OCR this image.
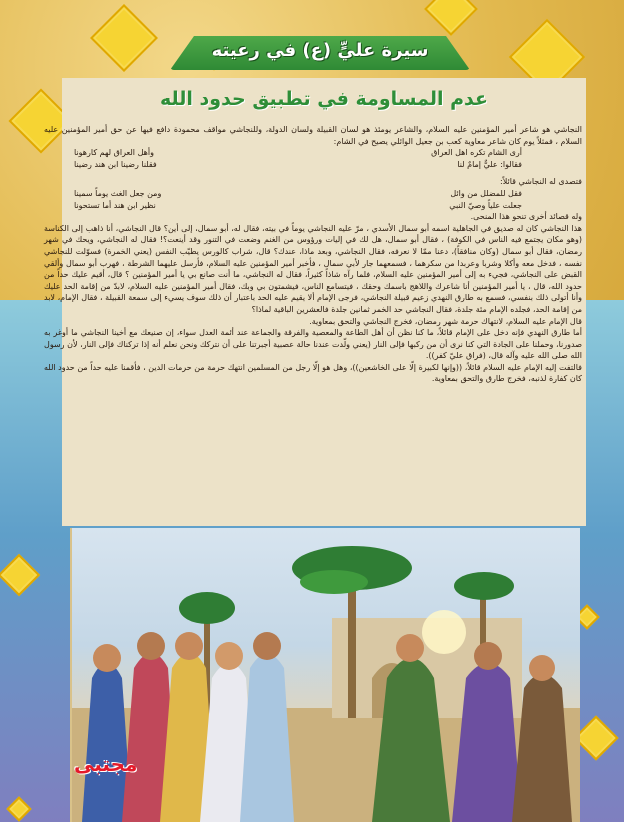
سيرة عليٍّ (ع) في رعيته
عدم المساومة في تطبيق حدود الله

النجاشي هو شاعر أمير المؤمنين عليه السلام، والشاعر يومئذ هو لسان القبيلة ولسان الدولة، وللنجاشي مواقف محمودة دافع فيها عن حق أمير المؤمنين عليه السلام ، فمثلاً يوم كان شاعر معاوية كعب بن جعيل الوائلي يصيح في الشام:

أرى الشام تكره اهل العراق
وأهل العراق لهم كارهونا
فقالوا: عليٌّ إمامٌ لنا
فقلنا رضينا ابن هند رضينا

فتصدى له النجاشي قائلاً:

فقل للمضلل من وائل
ومن جعل الغث يوماً سمينا
جعلت علياً وصيّ النبي
نظير ابن هند أما تستحونا

وله قصائد أخرى تنحو هذا المنحى.

هذا النجاشي كان له صديق في الجاهلية اسمه أبو سمال الأسدي ، مرّ عليه النجاشي يوماً في بيته، فقال له، أبو سمال، إلى أين؟ قال النجاشي، أنا ذاهب إلى الكناسة (وهو مكان يجتمع فيه الناس في الكوفة) ، فقال أبو سمال، هل لك في إليات ورؤوس من الغنم وضعت في التنور وقد أينعت؟! فقال له النجاشي، ويحك في شهر رمضان، فقال أبو سمال (وكان منافقاً)، دعنا ممّا لا نعرفه، فقال النجاشي، وبعد ماذا، عندك؟ قال، شراب كالورس يطيّب النفس (يعني الخمرة) فسوّلت للنجاشي نفسه ، فدخل معه وأكلا وشربا وعربدا من سكرهما ، فسمعهما جار لأبي سمال ، فأخبر أمير المؤمنين عليه السلام، فأرسل عليهما الشرطة ، فهرب أبو سمال وألقي القبض على النجاشي، فجيء به إلى أمير المؤمنين عليه السلام، فلما رآه شاذاً كثيراً، فقال له النجاشي، ما أنت صانع بي يا أمير المؤمنين ؟ قال، أقيم عليك حداً من حدود الله، قال ، يا أمير المؤمنين أنا شاعرك واللاهج باسمك وحقك ، فيتسامع الناس، فيشمتون بي وبك، فقال أمير المؤمنين عليه السلام، لابدّ من إقامة الحد عليك وأنا أتولى ذلك بنفسي، فسمع به طارق النهدي زعيم قبيلة النجاشي، فرجى الإمام ألا يقيم عليه الحد باعتبار أن ذلك سوف يسيء إلى سمعة القبيلة ، فقال الإمام، لابد من إقامة الحد، فجلده الإمام مئة جلدة، فقال النجاشي حد الخمر ثمانين جلدة فالعشرين الباقية لماذا؟

قال الإمام عليه السلام، لانتهاك حرمة شهر رمضان، فخرج النجاشي والتحق بمعاوية.

أما طارق النهدي فإنه دخل على الإمام قائلاً، ما كنا نظن أن أهل الطاعة والمعصية والفرقة والجماعة عند أئمة العدل سواء، إن صنيعك مع أخينا النجاشي ما أوغر به صدورنا، وحملنا على الجادة التي كنا نرى أن من ركبها فإلى النار (يعني ولّدت عندنا حالة عصبية أجبرتنا على أن نتركك ونحن نعلم أنه إذا تركناك فإلى النار، لأن رسول الله صلى الله عليه وآله قال، (فراق عليّ كفر)).

فالتفت إليه الإمام عليه السلام قائلاً، ((وإنها لكبيرة إلّا على الخاشعين))، وهل هو إلّا رجل من المسلمين انتهك حرمة من حرمات الدين ، فأقمنا عليه حداً من حدود الله كان كفارة لذنبه، فخرج طارق والتحق بمعاوية.

مجتبى
